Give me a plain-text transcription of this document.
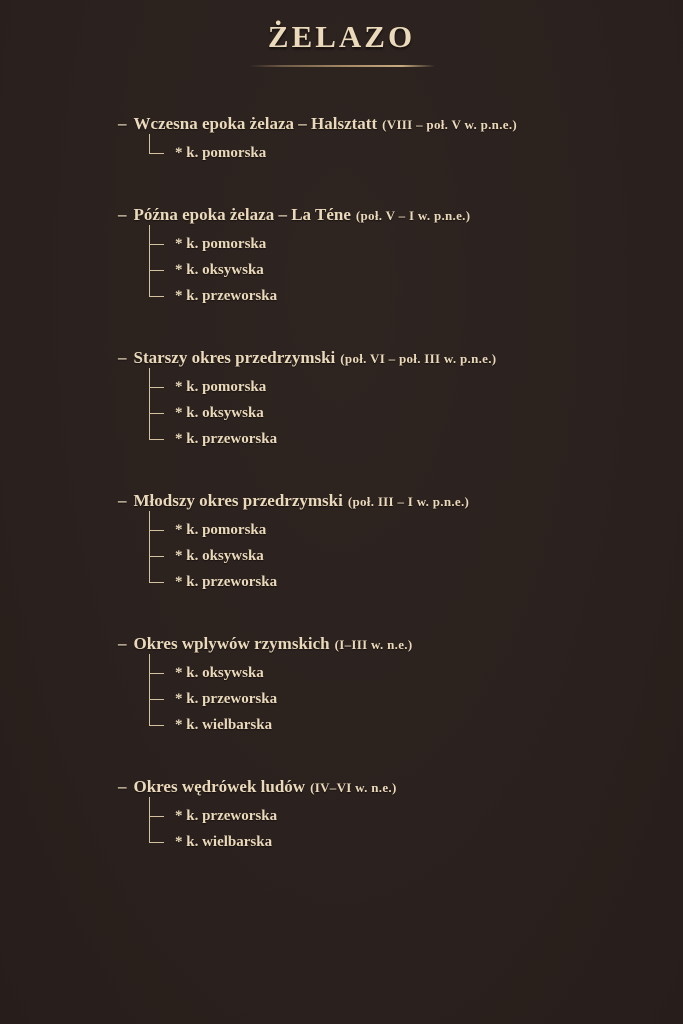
ŻELAZO
– Wczesna epoka żelaza – Halsztatt (VIII – poł. V w. p.n.e.)
* k. pomorska
– Późna epoka żelaza – La Téne (poł. V – I w. p.n.e.)
* k. pomorska
* k. oksywska
* k. przeworska
– Starszy okres przedrzymski (poł. VI – poł. III w. p.n.e.)
* k. pomorska
* k. oksywska
* k. przeworska
– Młodszy okres przedrzymski (poł. III – I w. p.n.e.)
* k. pomorska
* k. oksywska
* k. przeworska
– Okres wplywów rzymskich (I–III w. n.e.)
* k. oksywska
* k. przeworska
* k. wielbarska
– Okres wędrówek ludów (IV–VI w. n.e.)
* k. przeworska
* k. wielbarska
